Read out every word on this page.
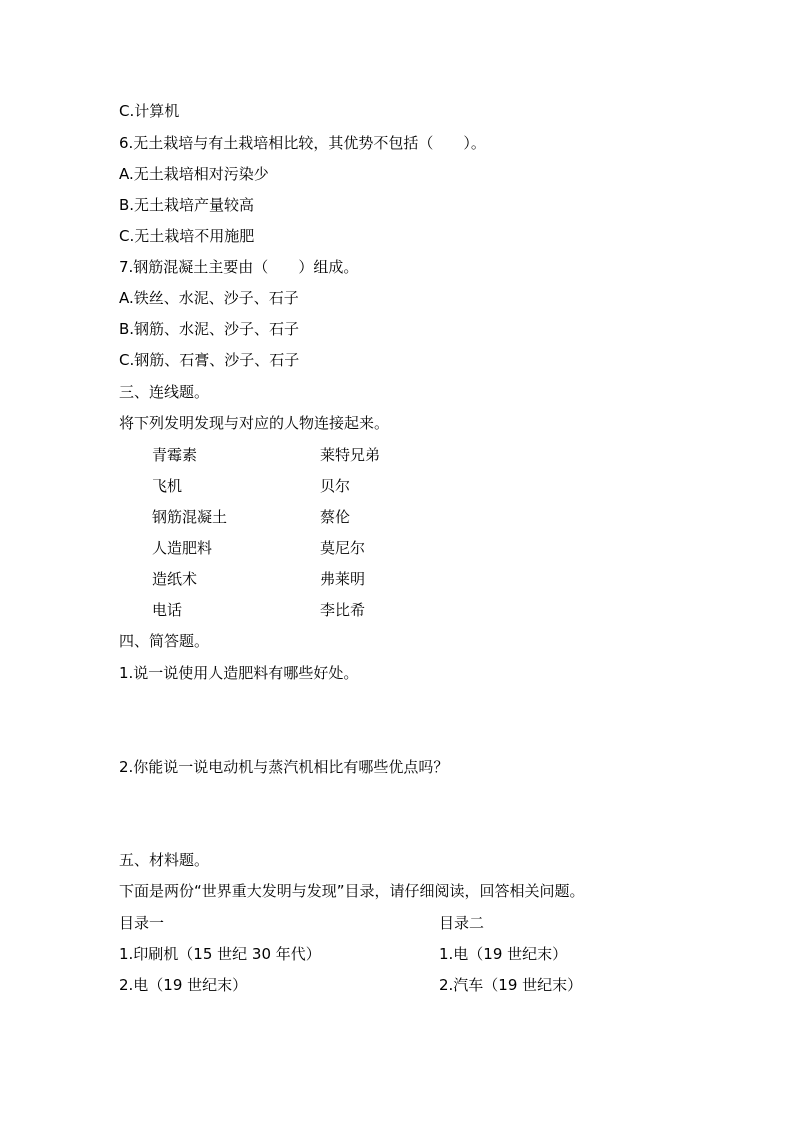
C.计算机
6.无土栽培与有土栽培相比较，其优势不包括（　　）。
A.无土栽培相对污染少
B.无土栽培产量较高
C.无土栽培不用施肥
7.钢筋混凝土主要由（　　）组成。
A.铁丝、水泥、沙子、石子
B.钢筋、水泥、沙子、石子
C.钢筋、石膏、沙子、石子
三、连线题。
将下列发明发现与对应的人物连接起来。
青霉素	莱特兄弟
飞机	贝尔
钢筋混凝土	蔡伦
人造肥料	莫尼尔
造纸术	弗莱明
电话	李比希
四、简答题。
1.说一说使用人造肥料有哪些好处。
2.你能说一说电动机与蒸汽机相比有哪些优点吗？
五、材料题。
下面是两份“世界重大发明与发现”目录，请仔细阅读，回答相关问题。
目录一	目录二
1.印刷机（15 世纪 30 年代）	1.电（19 世纪末）
2.电（19 世纪末）	2.汽车（19 世纪末）
